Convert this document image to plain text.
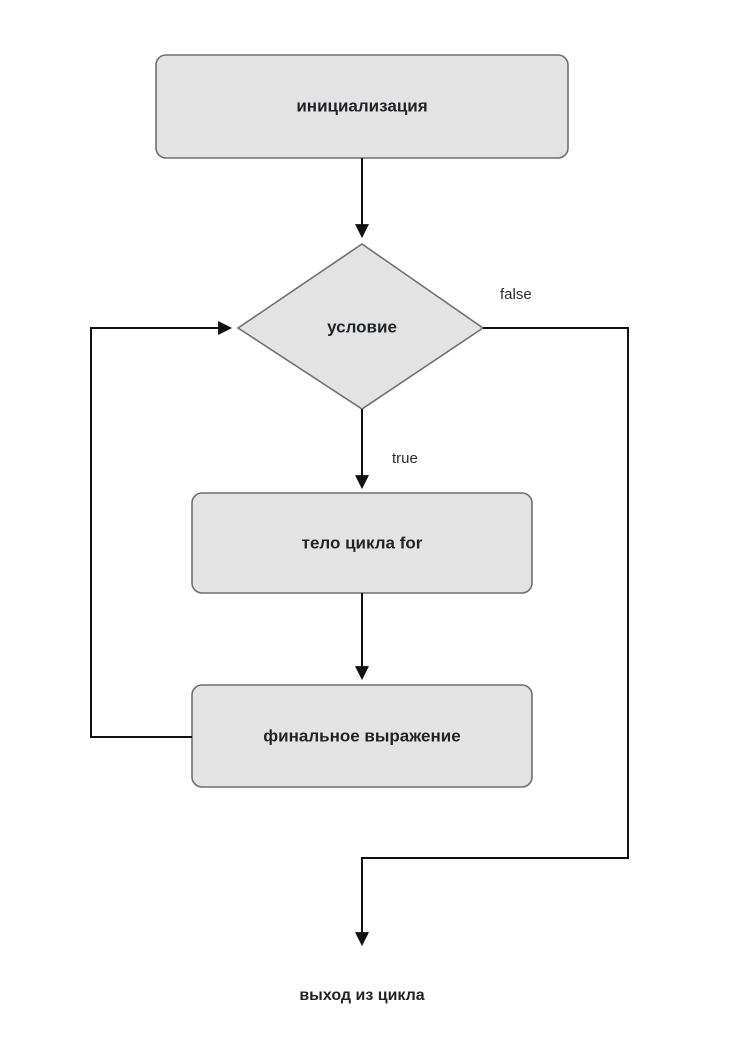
инициализация
условие
true
false
тело цикла for
финальное выражение
выход из цикла
